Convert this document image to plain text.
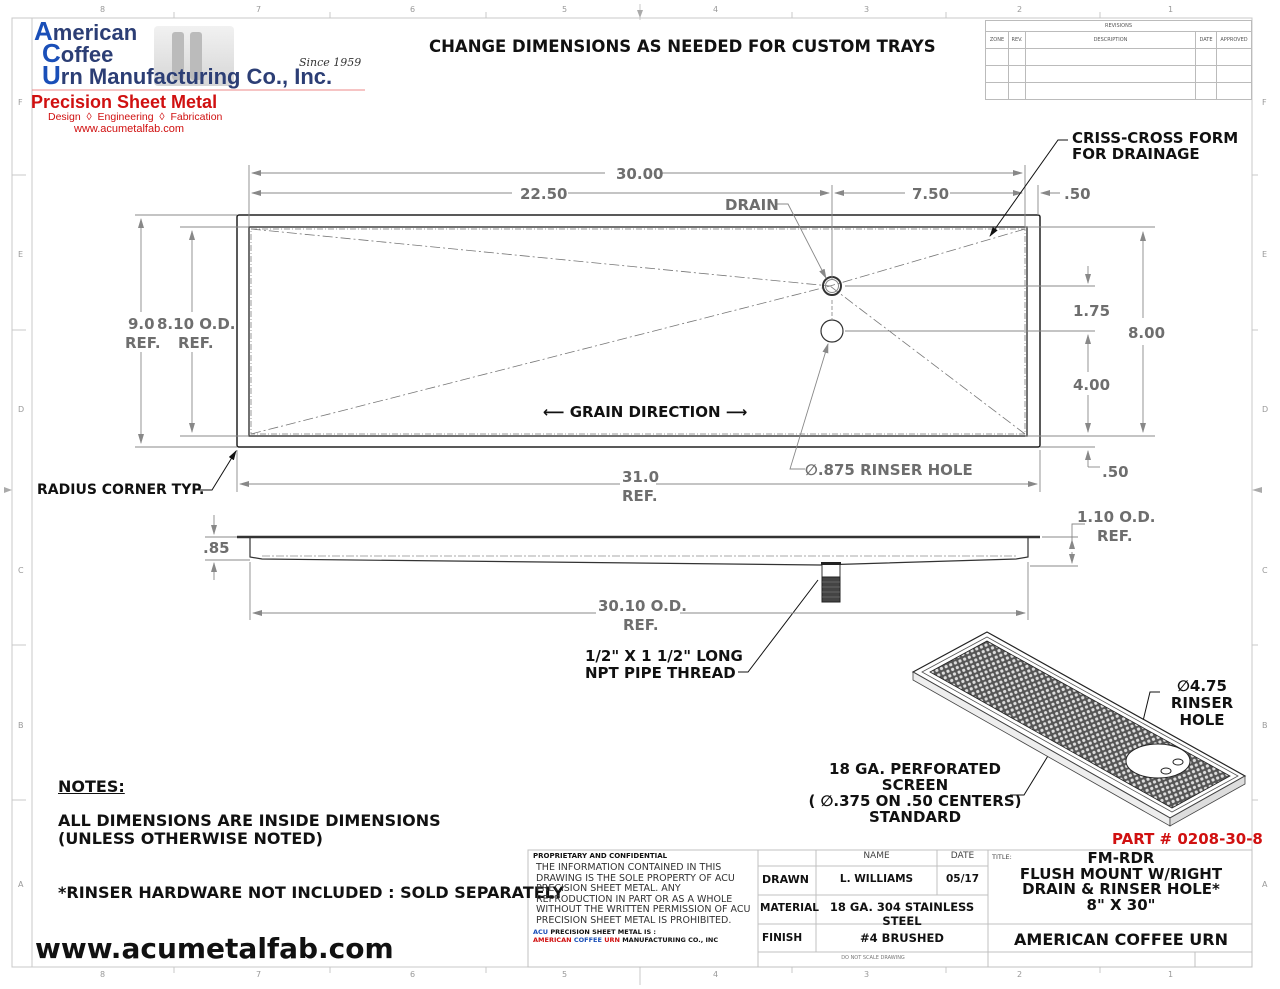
8	7	6	5	4	3	2	1
8	7	6	5	4	3	2	1
F
E
D
C
B
A
F
E
D
C
B
A
American
Coffee
Urn Manufacturing Co., Inc.
Since 1959
Precision Sheet Metal
Design  ◊  Engineering  ◊  Fabrication
www.acumetalfab.com
CHANGE DIMENSIONS AS NEEDED FOR CUSTOM TRAYS
REVISIONS				
ZONE	REV.	DESCRIPTION	DATE	APPROVED

30.00
22.50	7.50	.50
DRAIN
CRISS-CROSS FORM
FOR DRAINAGE
9.0
REF.
8.10 O.D.
REF.
1.75
8.00
4.00
.50
⟵ GRAIN DIRECTION ⟶
∅.875 RINSER HOLE
31.0
REF.
RADIUS CORNER TYP.
.85
1.10 O.D.
REF.
30.10 O.D.
REF.
1/2" X 1 1/2" LONG
NPT PIPE THREAD
∅4.75
RINSER HOLE
18 GA. PERFORATED SCREEN
( ∅.375 ON .50 CENTERS)
STANDARD
NOTES:
ALL DIMENSIONS ARE INSIDE DIMENSIONS
(UNLESS OTHERWISE NOTED)
*RINSER HARDWARE NOT INCLUDED : SOLD SEPARATELY
www.acumetalfab.com
PART # 0208-30-8
PROPRIETARY AND CONFIDENTIAL
THE INFORMATION CONTAINED IN THIS DRAWING IS THE SOLE PROPERTY OF ACU PRECISION SHEET METAL. ANY REPRODUCTION IN PART OR AS A WHOLE WITHOUT THE WRITTEN PERMISSION OF ACU PRECISION SHEET METAL IS PROHIBITED.
ACU PRECISION SHEET METAL IS :
AMERICAN COFFEE URN MANUFACTURING CO., INC
NAME	DATE
DRAWN	L. WILLIAMS	05/17
MATERIAL 18 GA. 304 STAINLESS STEEL
FINISH	#4 BRUSHED
DO NOT SCALE DRAWING
TITLE:	FM-RDR
FLUSH MOUNT W/RIGHT
DRAIN & RINSER HOLE*
8" X 30"
AMERICAN COFFEE URN
